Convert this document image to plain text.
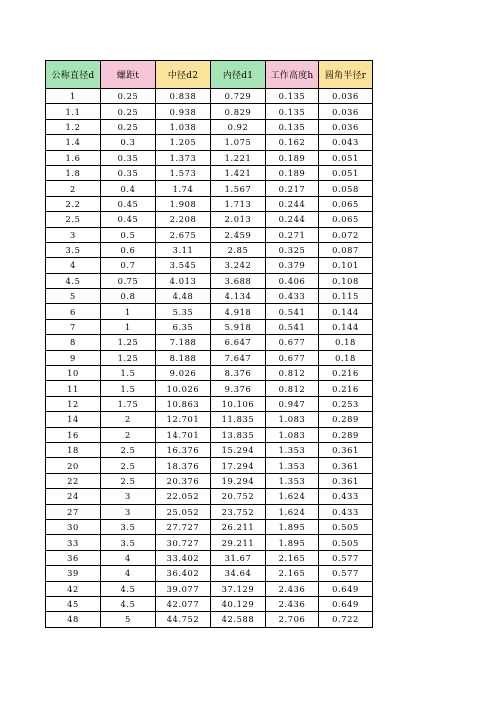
公称直径d	螺距t	中径d2	内径d1	工作高度h	圆角半径r
1	0.25	0.838	0.729	0.135	0.036
1.1	0.25	0.938	0.829	0.135	0.036
1.2	0.25	1.038	0.92	0.135	0.036
1.4	0.3	1.205	1.075	0.162	0.043
1.6	0.35	1.373	1.221	0.189	0.051
1.8	0.35	1.573	1.421	0.189	0.051
2	0.4	1.74	1.567	0.217	0.058
2.2	0.45	1.908	1.713	0.244	0.065
2.5	0.45	2.208	2.013	0.244	0.065
3	0.5	2.675	2.459	0.271	0.072
3.5	0.6	3.11	2.85	0.325	0.087
4	0.7	3.545	3.242	0.379	0.101
4.5	0.75	4.013	3.688	0.406	0.108
5	0.8	4.48	4.134	0.433	0.115
6	1	5.35	4.918	0.541	0.144
7	1	6.35	5.918	0.541	0.144
8	1.25	7.188	6.647	0.677	0.18
9	1.25	8.188	7.647	0.677	0.18
10	1.5	9.026	8.376	0.812	0.216
11	1.5	10.026	9.376	0.812	0.216
12	1.75	10.863	10.106	0.947	0.253
14	2	12.701	11.835	1.083	0.289
16	2	14.701	13.835	1.083	0.289
18	2.5	16.376	15.294	1.353	0.361
20	2.5	18.376	17.294	1.353	0.361
22	2.5	20.376	19.294	1.353	0.361
24	3	22.052	20.752	1.624	0.433
27	3	25.052	23.752	1.624	0.433
30	3.5	27.727	26.211	1.895	0.505
33	3.5	30.727	29.211	1.895	0.505
36	4	33.402	31.67	2.165	0.577
39	4	36.402	34.64	2.165	0.577
42	4.5	39.077	37.129	2.436	0.649
45	4.5	42.077	40.129	2.436	0.649
48	5	44.752	42.588	2.706	0.722
